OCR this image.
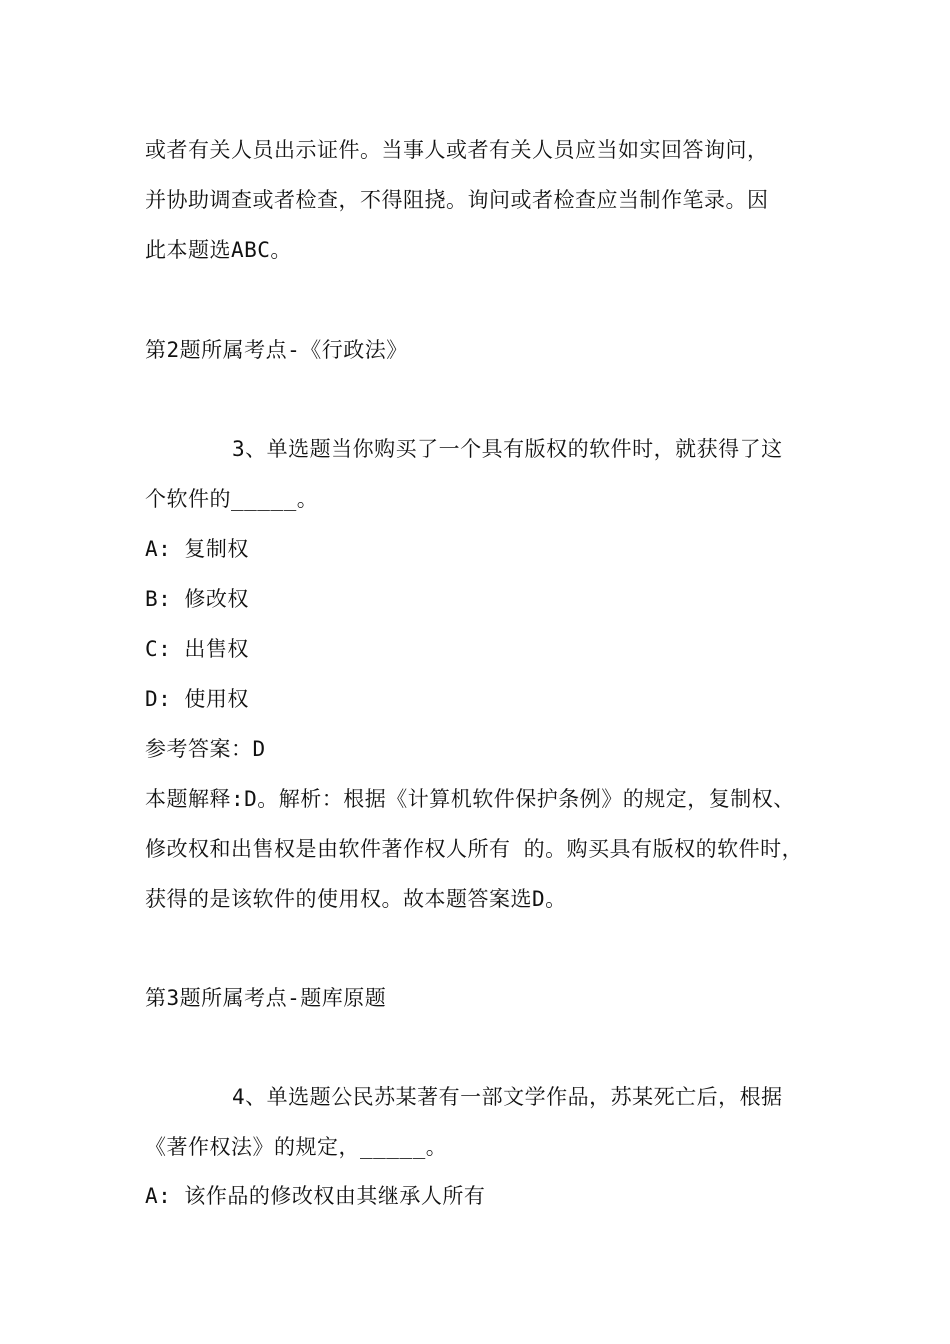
或者有关人员出示证件。当事人或者有关人员应当如实回答询问，
并协助调查或者检查，不得阻挠。询问或者检查应当制作笔录。因
此本题选ABC。
第2题所属考点-《行政法》
3、单选题当你购买了一个具有版权的软件时，就获得了这
个软件的_____。
A: 复制权
B: 修改权
C: 出售权
D: 使用权
参考答案：D
本题解释:D。解析：根据《计算机软件保护条例》的规定，复制权、
修改权和出售权是由软件著作权人所有 的。购买具有版权的软件时，
获得的是该软件的使用权。故本题答案选D。
第3题所属考点-题库原题
4、单选题公民苏某著有一部文学作品，苏某死亡后，根据
《著作权法》的规定，_____。
A: 该作品的修改权由其继承人所有
